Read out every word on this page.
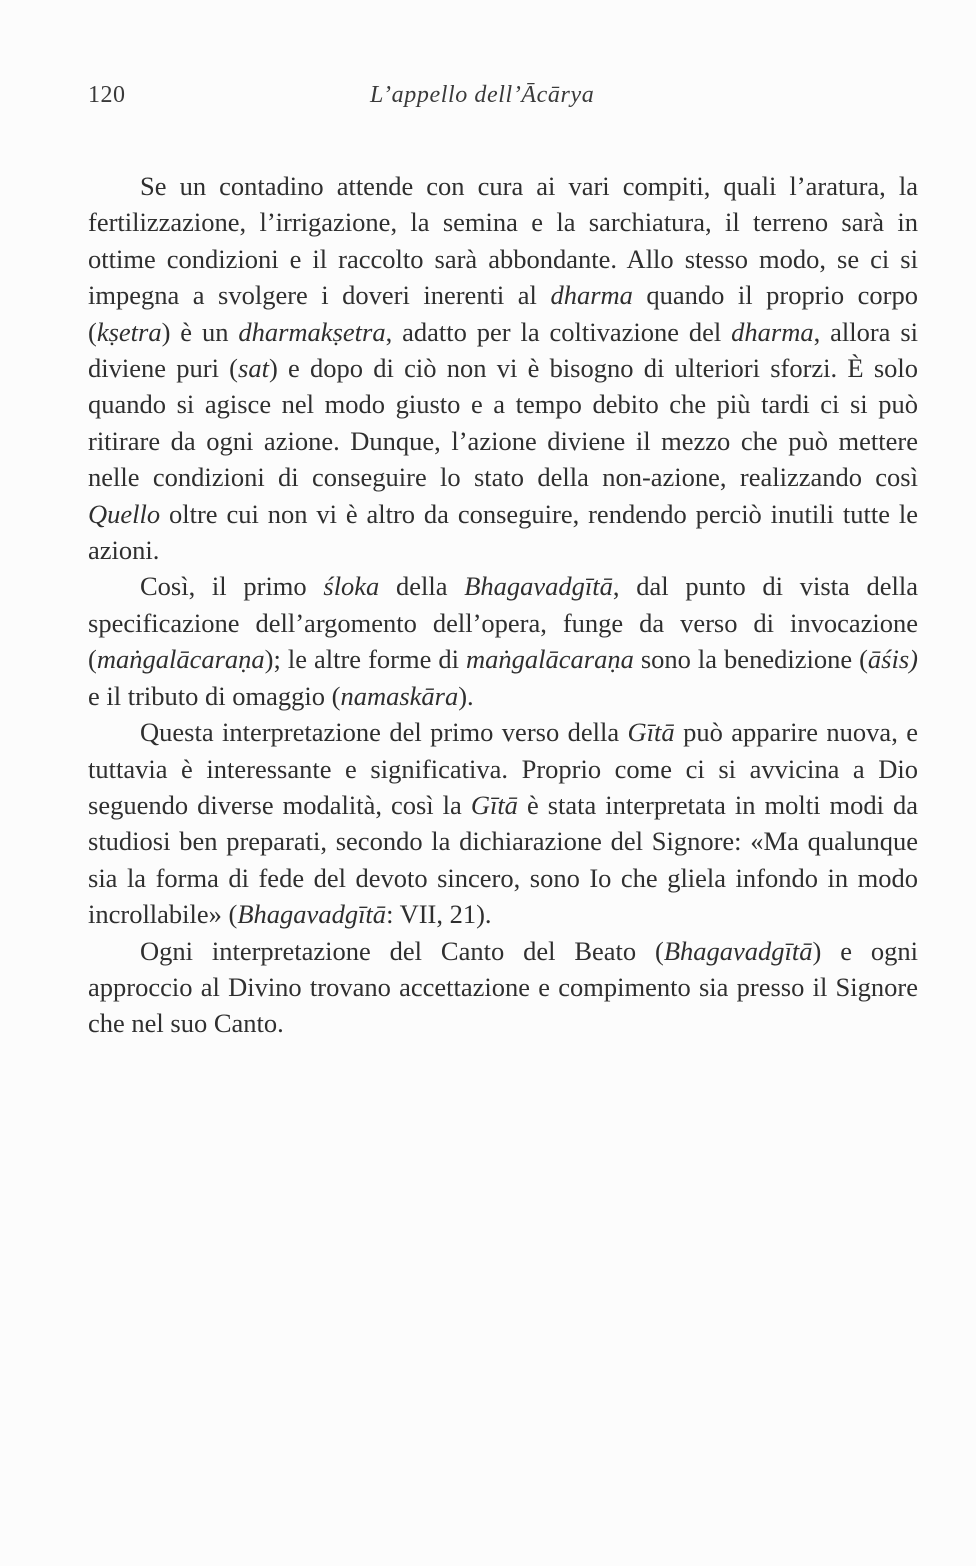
120	L’appello dell’Ācārya

Se un contadino attende con cura ai vari compiti, quali l’aratura, la fertilizzazione, l’irrigazione, la semina e la sarchiatura, il terreno sarà in ottime condizioni e il raccolto sarà abbondante. Allo stesso modo, se ci si impegna a svolgere i doveri inerenti al dharma quando il proprio corpo (kṣetra) è un dharmakṣetra, adatto per la coltivazione del dharma, allora si diviene puri (sat) e dopo di ciò non vi è bisogno di ulteriori sforzi. È solo quando si agisce nel modo giusto e a tempo debito che più tardi ci si può ritirare da ogni azione. Dunque, l’azione diviene il mezzo che può mettere nelle condizioni di conseguire lo stato della non-azione, realizzando così Quello oltre cui non vi è altro da conseguire, rendendo perciò inutili tutte le azioni.

Così, il primo śloka della Bhagavadgītā, dal punto di vista della specificazione dell’argomento dell’opera, funge da verso di invocazione (maṅgalācaraṇa); le altre forme di maṅgalācaraṇa sono la benedizione (āśis) e il tributo di omaggio (namaskāra).

Questa interpretazione del primo verso della Gītā può apparire nuova, e tuttavia è interessante e significativa. Proprio come ci si avvicina a Dio seguendo diverse modalità, così la Gītā è stata interpretata in molti modi da studiosi ben preparati, secondo la dichiarazione del Signore: «Ma qualunque sia la forma di fede del devoto sincero, sono Io che gliela infondo in modo incrollabile» (Bhagavadgītā: VII, 21).

Ogni interpretazione del Canto del Beato (Bhagavadgītā) e ogni approccio al Divino trovano accettazione e compimento sia presso il Signore che nel suo Canto.
